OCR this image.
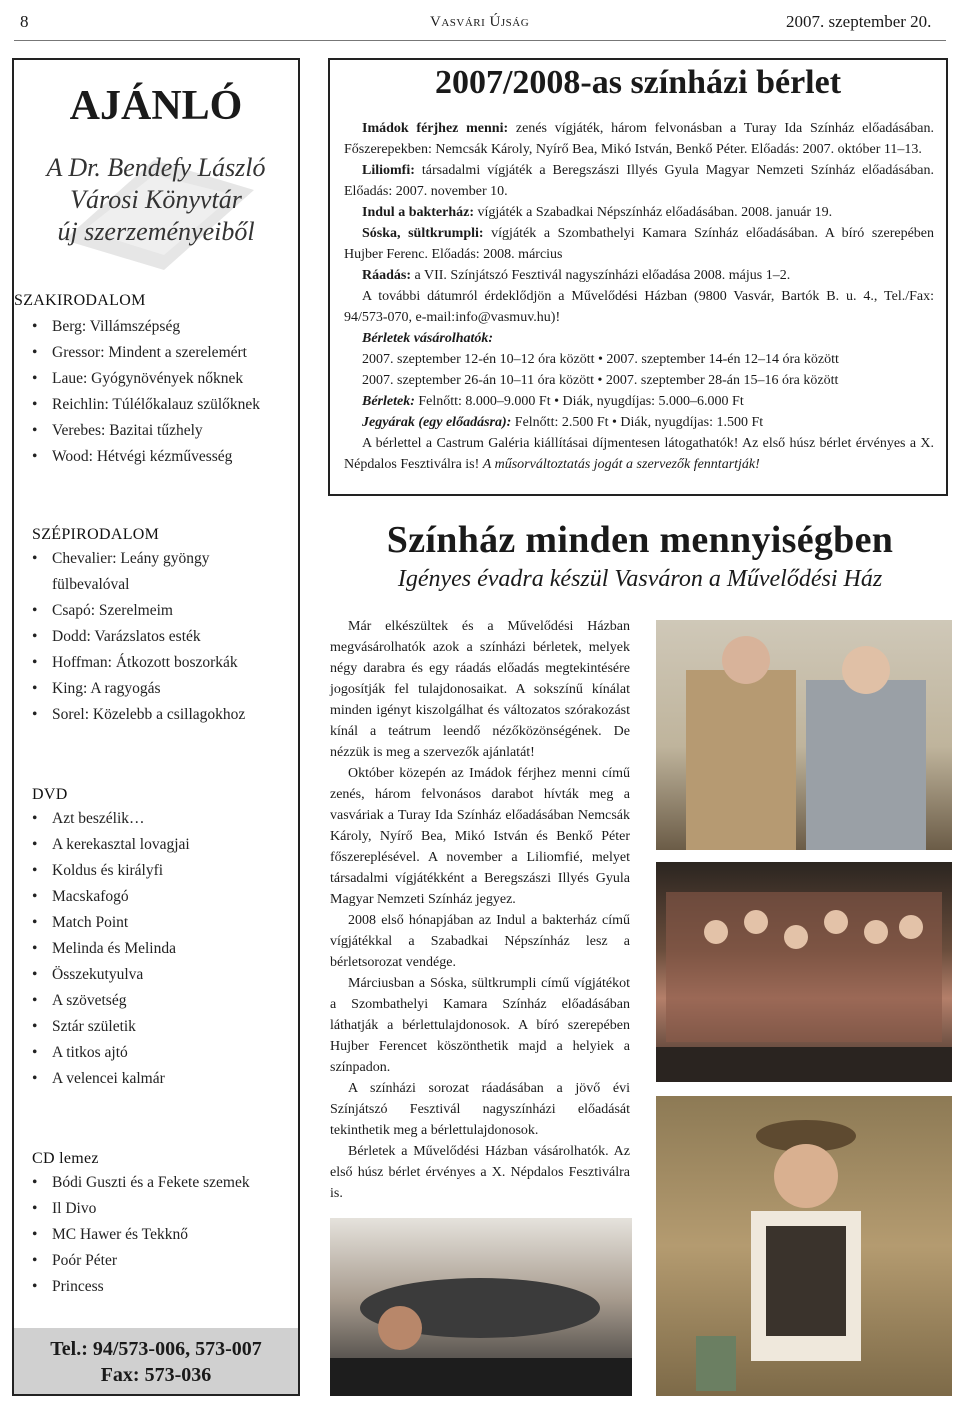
8	Vasvári Újság	2007. szeptember 20.
AJÁNLÓ
A Dr. Bendefy László
Városi Könyvtár
új szerzeményeiből
SZAKIRODALOM
• Berg: Villámszépség
• Gressor: Mindent a szerelemért
• Laue: Gyógynövények nőknek
• Reichlin: Túlélőkalauz szülőknek
• Verebes: Bazitai tűzhely
• Wood: Hétvégi kézművesség
SZÉPIRODALOM
• Chevalier: Leány gyöngy
fülbevalóval
• Csapó: Szerelmeim
• Dodd: Varázslatos esték
• Hoffman: Átkozott boszorkák
• King: A ragyogás
• Sorel: Közelebb a csillagokhoz
DVD
• Azt beszélik…
• A kerekasztal lovagjai
• Koldus és királyfi
• Macskafogó
• Match Point
• Melinda és Melinda
• Összekutyulva
• A szövetség
• Sztár születik
• A titkos ajtó
• A velencei kalmár
CD lemez
• Bódi Guszti és a Fekete szemek
• Il Divo
• MC Hawer és Tekknő
• Poór Péter
• Princess
Tel.: 94/573-006, 573-007
Fax: 573-036
2007/2008-as színházi bérlet

Imádok férjhez menni: zenés vígjáték, három felvonásban a Turay Ida Színház előadásában. Főszerepekben: Nemcsák Károly, Nyírő Bea, Mikó István, Benkő Péter. Előadás: 2007. október 11–13.

Liliomfi: társadalmi vígjáték a Beregszászi Illyés Gyula Magyar Nemzeti Színház előadásában. Előadás: 2007. november 10.

Indul a bakterház: vígjáték a Szabadkai Népszínház előadásában. 2008. január 19.

Sóska, sültkrumpli: vígjáték a Szombathelyi Kamara Színház előadásában. A bíró szerepében Hujber Ferenc. Előadás: 2008. március

Ráadás: a VII. Színjátszó Fesztivál nagyszínházi előadása 2008. május 1–2.

A további dátumról érdeklődjön a Művelődési Házban (9800 Vasvár, Bartók B. u. 4., Tel./Fax: 94/573-070, e-mail:info@vasmuv.hu)!

Bérletek vásárolhatók:

2007. szeptember 12-én 10–12 óra között • 2007. szeptember 14-én 12–14 óra között

2007. szeptember 26-án 10–11 óra között • 2007. szeptember 28-án 15–16 óra között

Bérletek: Felnőtt: 8.000–9.000 Ft • Diák, nyugdíjas: 5.000–6.000 Ft

Jegyárak (egy előadásra): Felnőtt: 2.500 Ft • Diák, nyugdíjas: 1.500 Ft

A bérlettel a Castrum Galéria kiállításai díjmentesen látogathatók! Az első húsz bérlet érvényes a X. Népdalos Fesztiválra is! A műsorváltoztatás jogát a szervezők fenntartják!

Színház minden mennyiségben
Igényes évadra készül Vasváron a Művelődési Ház

Már elkészültek és a Művelődési Házban megvásárolhatók azok a színházi bérletek, melyek négy darabra és egy ráadás előadás megtekintésére jogosítják fel tulajdonosaikat. A sokszínű kínálat minden igényt kiszolgálhat és változatos szórakozást kínál a teátrum leendő nézőközönségének. De nézzük is meg a szervezők ajánlatát!

Október közepén az Imádok férjhez menni című zenés, három felvonásos darabot hívták meg a vasváriak a Turay Ida Színház előadásában Nemcsák Károly, Nyírő Bea, Mikó István és Benkő Péter főszereplésével. A november a Liliomfié, melyet társadalmi vígjátékként a Beregszászi Illyés Gyula Magyar Nemzeti Színház jegyez.

2008 első hónapjában az Indul a bakterház című vígjátékkal a Szabadkai Népszínház lesz a bérletsorozat vendége.

Márciusban a Sóska, sültkrumpli című vígjátékot a Szombathelyi Kamara Színház előadásában láthatják a bérlettulajdonosok. A bíró szerepében Hujber Ferencet köszönthetik majd a helyiek a színpadon.

A színházi sorozat ráadásában a jövő évi Színjátszó Fesztivál nagyszínházi előadását tekinthetik meg a bérlettulajdonosok.

Bérletek a Művelődési Házban vásárolhatók. Az első húsz bérlet érvényes a X. Népdalos Fesztiválra is.
